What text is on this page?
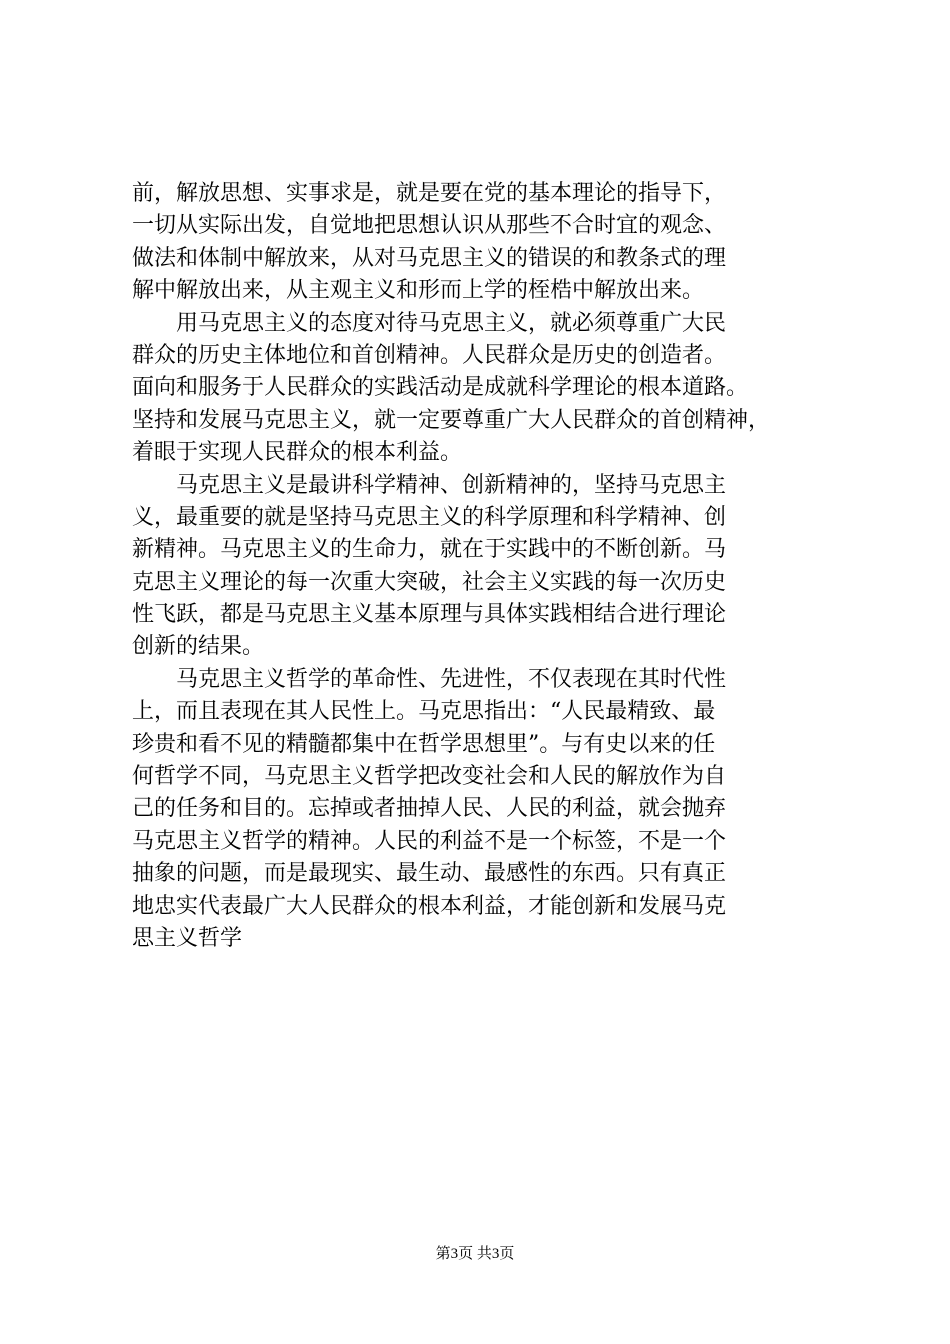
前，解放思想、实事求是，就是要在党的基本理论的指导下，
一切从实际出发，自觉地把思想认识从那些不合时宜的观念、
做法和体制中解放来，从对马克思主义的错误的和教条式的理
解中解放出来，从主观主义和形而上学的桎梏中解放出来。
　　用马克思主义的态度对待马克思主义，就必须尊重广大民
群众的历史主体地位和首创精神。人民群众是历史的创造者。
面向和服务于人民群众的实践活动是成就科学理论的根本道路。
坚持和发展马克思主义，就一定要尊重广大人民群众的首创精神，
着眼于实现人民群众的根本利益。
　　马克思主义是最讲科学精神、创新精神的，坚持马克思主
义，最重要的就是坚持马克思主义的科学原理和科学精神、创
新精神。马克思主义的生命力，就在于实践中的不断创新。马
克思主义理论的每一次重大突破，社会主义实践的每一次历史
性飞跃，都是马克思主义基本原理与具体实践相结合进行理论
创新的结果。
　　马克思主义哲学的革命性、先进性，不仅表现在其时代性
上，而且表现在其人民性上。马克思指出：“人民最精致、最
珍贵和看不见的精髓都集中在哲学思想里”。与有史以来的任
何哲学不同，马克思主义哲学把改变社会和人民的解放作为自
己的任务和目的。忘掉或者抽掉人民、人民的利益，就会抛弃
马克思主义哲学的精神。人民的利益不是一个标签，不是一个
抽象的问题，而是最现实、最生动、最感性的东西。只有真正
地忠实代表最广大人民群众的根本利益，才能创新和发展马克
思主义哲学
第3页 共3页
